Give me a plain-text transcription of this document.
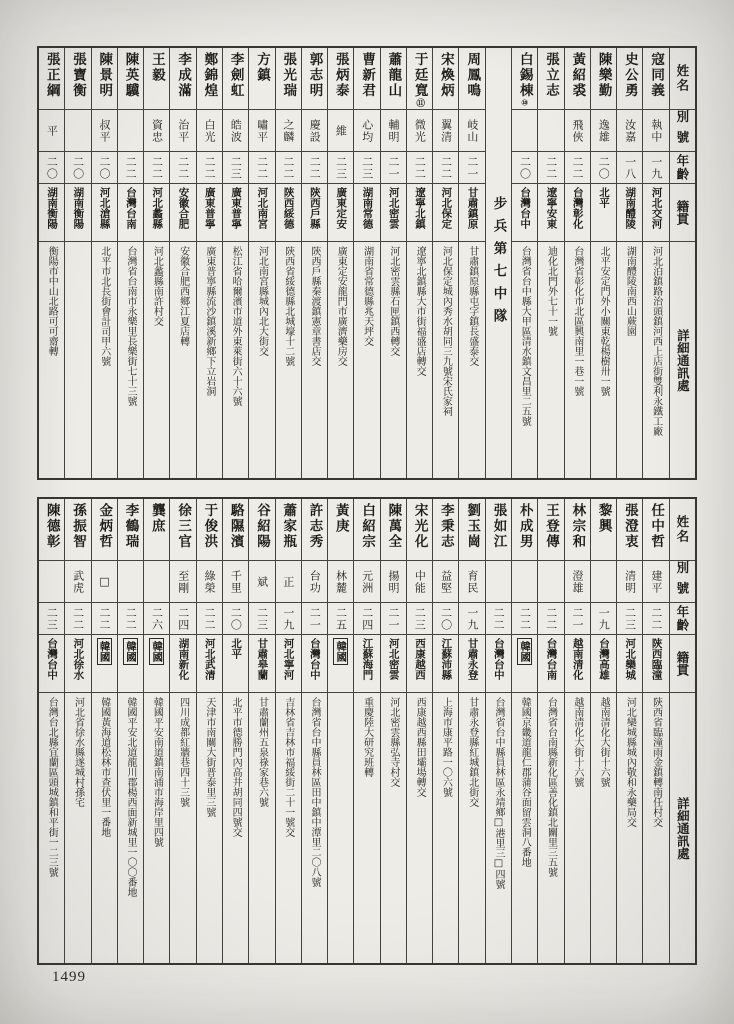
姓名
別號
年齡
籍貫
詳細通訊處
寇同義
執中
一九
河北交河
河北泊鎮路治頭鎮河西上店街雙利永鐵工廠
史公勇
汝嘉
一八
湖南醴陵
湖南醴陵南西山蕨園
陳樂勤
逸雄
二〇
北平
北平安定門外小關東乾楊樹卅一號
黃紹裘
飛俠
二二
台灣彰化
台灣省彰化市北區興南里一巷一號
張立志
二二
遼寧安東
迪化北門外七十一號
白錫棟⑩
二〇
台灣台中
台灣省台中縣大甲區清水鎮文昌里二五號
步兵第七中隊
周鳳鳴
岐山
二一
甘肅鎮原
甘肅鎮原縣屯字鎮長盛泰交
宋煥炳
翼清
二二
河北保定
河北保定城內秀水胡同三九號宋氏家祠
于廷寬⑪
微光
二二
遼寧北鎮
遼寧北鎮縣大市街福盛店轉交
蕭龍山
輔明
二一
河北密雲
河北密雲縣石匣鎮西轉交
曹新君
心均
二三
湖南常德
湖南省常德縣兆天坪交
張炳泰
維
二三
廣東定安
廣東定安龍門市廣濟藥房交
郭志明
慶設
二二
陝西戶縣
陝西戶縣秦渡鎮憲章書店交
張光瑞
之麟
二二
陝西綏德
陝西省綏德縣北城壕十二號
方鎮
嘯平
二二
河北南宮
河北南宮縣城內北大街交
李劍虹
皓波
二三
廣東普寧
松江省哈爾濱市道外東萊街六十六號
鄭錦煌
白光
二二
廣東普寧
廣東普寧縣流沙鎮溪新鄉下立岩洞
李成滿
治平
二二
安徽合肥
安徽合肥西鄉江夏店轉
王毅
資忠
二二
河北蠡縣
河北蠡縣南許村交
陳英驥
二二
台灣台南
台灣省台南市永樂里長樂街七十三號
陳景明
叔平
二〇
河北滄縣
北平市北長街會計司甲六號
張寶衡
二〇
湖南衡陽
張正綱
平
二〇
湖南衡陽
衡陽市中山北路可可齋轉
姓名
別號
年齡
籍貫
詳細通訊處
任中哲
建平
二二
陝西臨潼
陝西省臨潼雨金鎮轉南任村交
張澄衷
清明
二三
河北欒城
河北欒城縣城內敬和永藥局交
黎興
一九
台灣高雄
越南清化大街十六號
林宗和
澄雄
二一
越南清化
越南清化大街十六號
王登傳
二二
台灣台南
台灣省台南縣新化區善化鎮北關里三五號
朴成男
二二
韓國
韓國京畿道龍仁郡蒲谷面留雲洞八番地
張如江
二二
台灣台中
台灣省台中縣員林區永靖鄉□港里三□四號
劉玉崗
育民
一九
甘肅永登
甘肅永登縣紅城鎮北街交
李秉志
益堅
二〇
江蘇沛縣
上海市康平路一〇六號
宋光化
中能
二三
西康越西
西康越西縣田壩場轉交
陳萬全
揚明
二一
河北密雲
河北密雲縣弘寺村交
白紹宗
元洲
二四
江蘇海門
重慶陸大研究班轉
黃庚
林麓
二五
韓國
許志秀
台功
二一
台灣台中
台灣省台中縣員林區田中鎮中潭里二〇八號
蕭家瓶
正
一九
河北寧河
吉林省吉林市福綏街二十一號交
谷紹陽
斌
二三
甘肅皋蘭
甘肅蘭州五泉祿家巷六號
駱隰濱
千里
二〇
北平
北平市德勝門內高井胡同四號交
于俊洪
綠榮
二二
河北武清
天津市南關大街普泰里三號
徐三官
至剛
二四
湖南新化
四川成都紅牆巷四十三號
龔庶
二六
韓國
韓國平安南道鎮南浦市海岸里四號
李鶴瑞
二二
韓國
韓國平安北道龍川郡楊西面新城里一〇〇番地
金炳哲
□
二二
韓國
韓國黃海道松林市查伏里一番地
孫振智
武虎
二二
河北徐水
河北省徐水縣遂城村孫宅
陳德彰
二三
台灣台中
台灣台北縣宜蘭區頭城鎮和平街一二三號
1499
